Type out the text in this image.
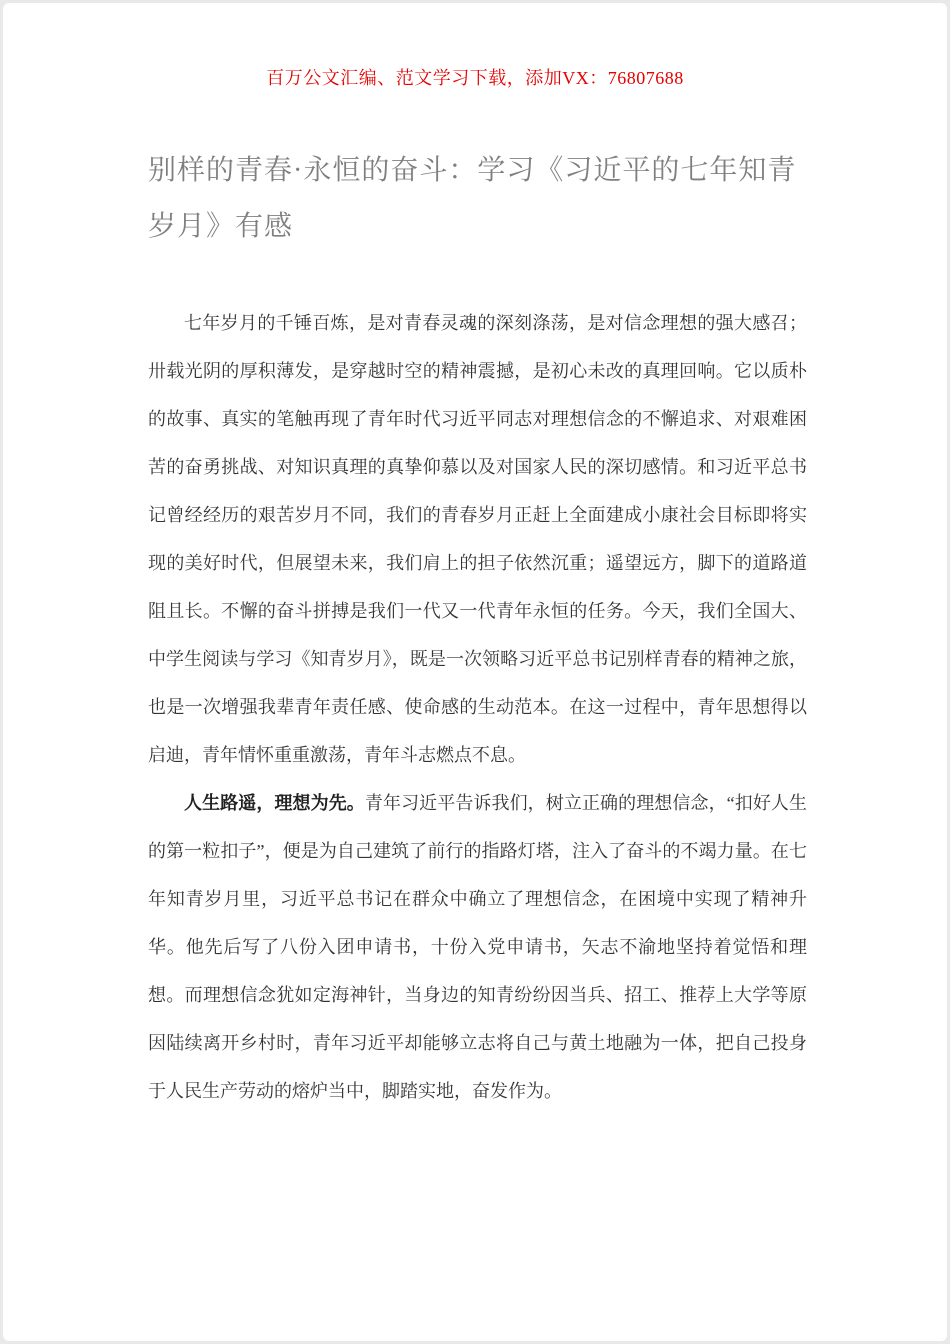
百万公文汇编、范文学习下载，添加VX：76807688
别样的青春·永恒的奋斗：学习《习近平的七年知青岁月》有感

七年岁月的千锤百炼，是对青春灵魂的深刻涤荡，是对信念理想的强大感召；卅载光阴的厚积薄发，是穿越时空的精神震撼，是初心未改的真理回响。它以质朴的故事、真实的笔触再现了青年时代习近平同志对理想信念的不懈追求、对艰难困苦的奋勇挑战、对知识真理的真挚仰慕以及对国家人民的深切感情。和习近平总书记曾经经历的艰苦岁月不同，我们的青春岁月正赶上全面建成小康社会目标即将实现的美好时代，但展望未来，我们肩上的担子依然沉重；遥望远方，脚下的道路道阻且长。不懈的奋斗拼搏是我们一代又一代青年永恒的任务。今天，我们全国大、中学生阅读与学习《知青岁月》，既是一次领略习近平总书记别样青春的精神之旅，也是一次增强我辈青年责任感、使命感的生动范本。在这一过程中，青年思想得以启迪，青年情怀重重激荡，青年斗志燃点不息。

人生路遥，理想为先。青年习近平告诉我们，树立正确的理想信念，“扣好人生的第一粒扣子”，便是为自己建筑了前行的指路灯塔，注入了奋斗的不竭力量。在七年知青岁月里，习近平总书记在群众中确立了理想信念，在困境中实现了精神升华。他先后写了八份入团申请书，十份入党申请书，矢志不渝地坚持着觉悟和理想。而理想信念犹如定海神针，当身边的知青纷纷因当兵、招工、推荐上大学等原因陆续离开乡村时，青年习近平却能够立志将自己与黄土地融为一体，把自己投身于人民生产劳动的熔炉当中，脚踏实地，奋发作为。
